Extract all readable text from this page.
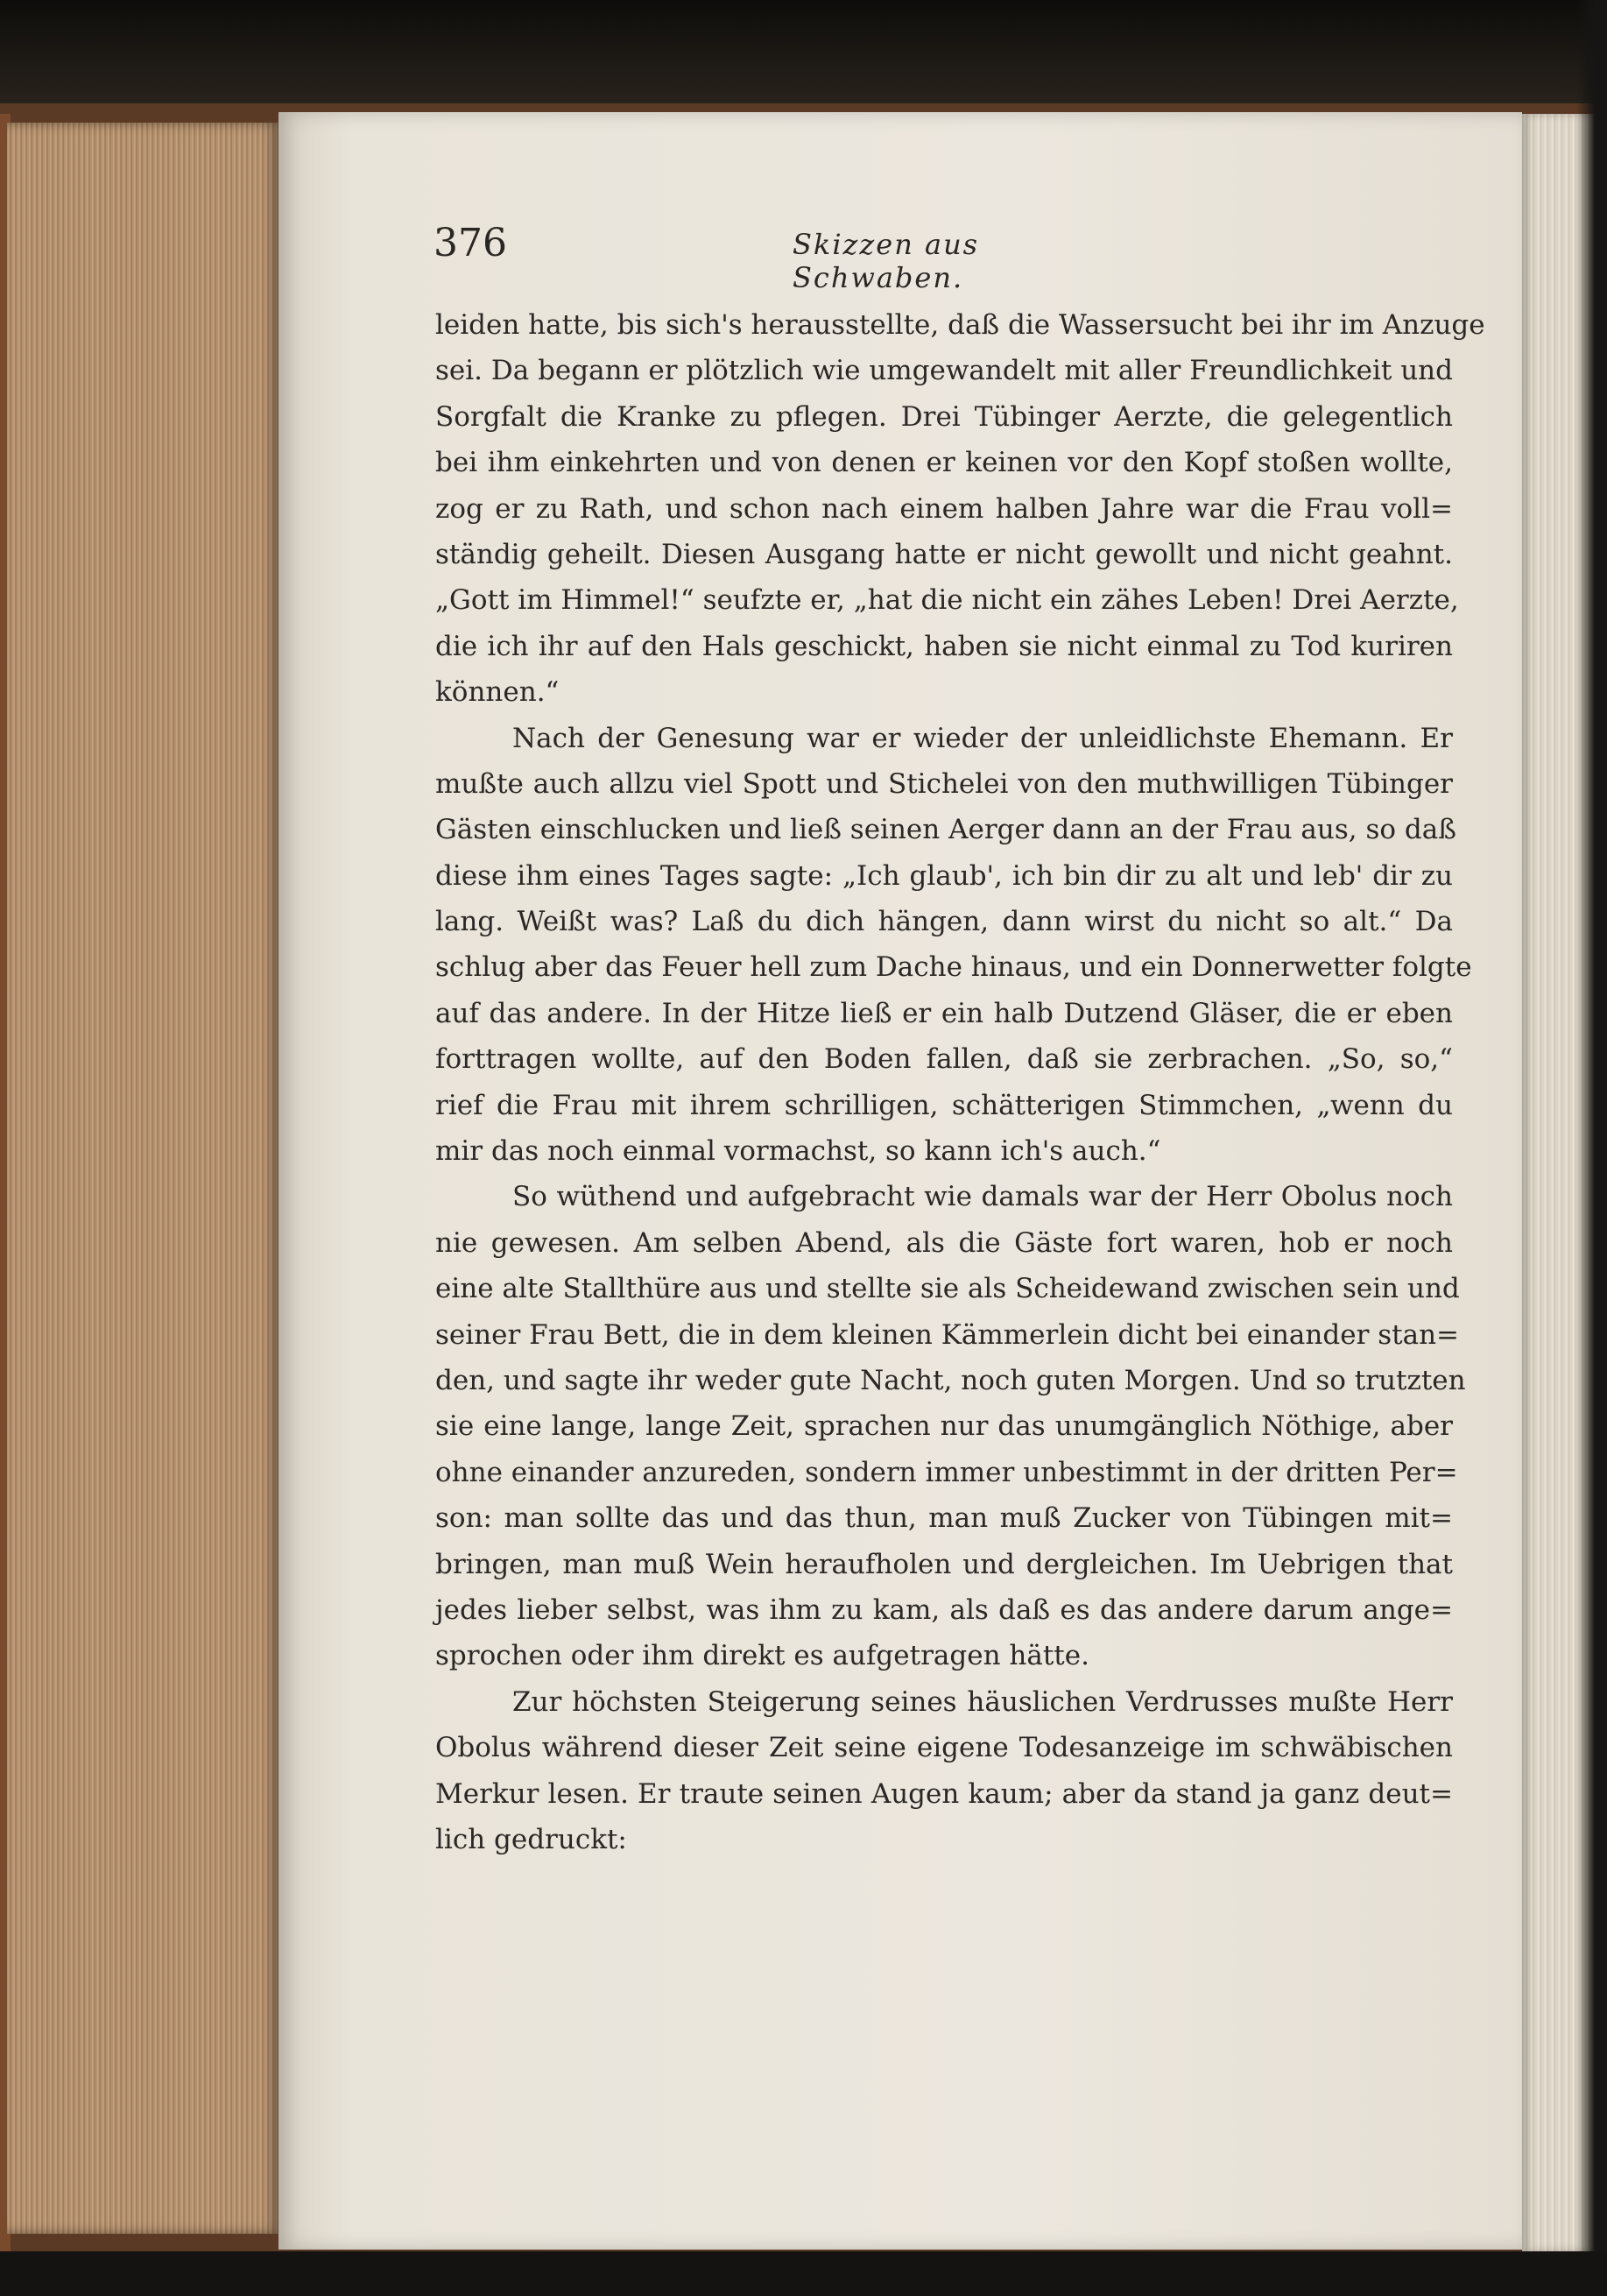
376	Skizzen aus Schwaben.
leiden hatte, bis sich's herausstellte, daß die Wassersucht bei ihr im Anzuge
sei. Da begann er plötzlich wie umgewandelt mit aller Freundlichkeit und
Sorgfalt die Kranke zu pflegen. Drei Tübinger Aerzte, die gelegentlich
bei ihm einkehrten und von denen er keinen vor den Kopf stoßen wollte,
zog er zu Rath, und schon nach einem halben Jahre war die Frau voll=
ständig geheilt. Diesen Ausgang hatte er nicht gewollt und nicht geahnt.
„Gott im Himmel!“ seufzte er, „hat die nicht ein zähes Leben! Drei Aerzte,
die ich ihr auf den Hals geschickt, haben sie nicht einmal zu Tod kuriren
können.“
Nach der Genesung war er wieder der unleidlichste Ehemann. Er
mußte auch allzu viel Spott und Stichelei von den muthwilligen Tübinger
Gästen einschlucken und ließ seinen Aerger dann an der Frau aus, so daß
diese ihm eines Tages sagte: „Ich glaub', ich bin dir zu alt und leb' dir zu
lang. Weißt was? Laß du dich hängen, dann wirst du nicht so alt.“ Da
schlug aber das Feuer hell zum Dache hinaus, und ein Donnerwetter folgte
auf das andere. In der Hitze ließ er ein halb Dutzend Gläser, die er eben
forttragen wollte, auf den Boden fallen, daß sie zerbrachen. „So, so,“
rief die Frau mit ihrem schrilligen, schätterigen Stimmchen, „wenn du
mir das noch einmal vormachst, so kann ich's auch.“
So wüthend und aufgebracht wie damals war der Herr Obolus noch
nie gewesen. Am selben Abend, als die Gäste fort waren, hob er noch
eine alte Stallthüre aus und stellte sie als Scheidewand zwischen sein und
seiner Frau Bett, die in dem kleinen Kämmerlein dicht bei einander stan=
den, und sagte ihr weder gute Nacht, noch guten Morgen. Und so trutzten
sie eine lange, lange Zeit, sprachen nur das unumgänglich Nöthige, aber
ohne einander anzureden, sondern immer unbestimmt in der dritten Per=
son: man sollte das und das thun, man muß Zucker von Tübingen mit=
bringen, man muß Wein heraufholen und dergleichen. Im Uebrigen that
jedes lieber selbst, was ihm zu kam, als daß es das andere darum ange=
sprochen oder ihm direkt es aufgetragen hätte.
Zur höchsten Steigerung seines häuslichen Verdrusses mußte Herr
Obolus während dieser Zeit seine eigene Todesanzeige im schwäbischen
Merkur lesen. Er traute seinen Augen kaum; aber da stand ja ganz deut=
lich gedruckt:
